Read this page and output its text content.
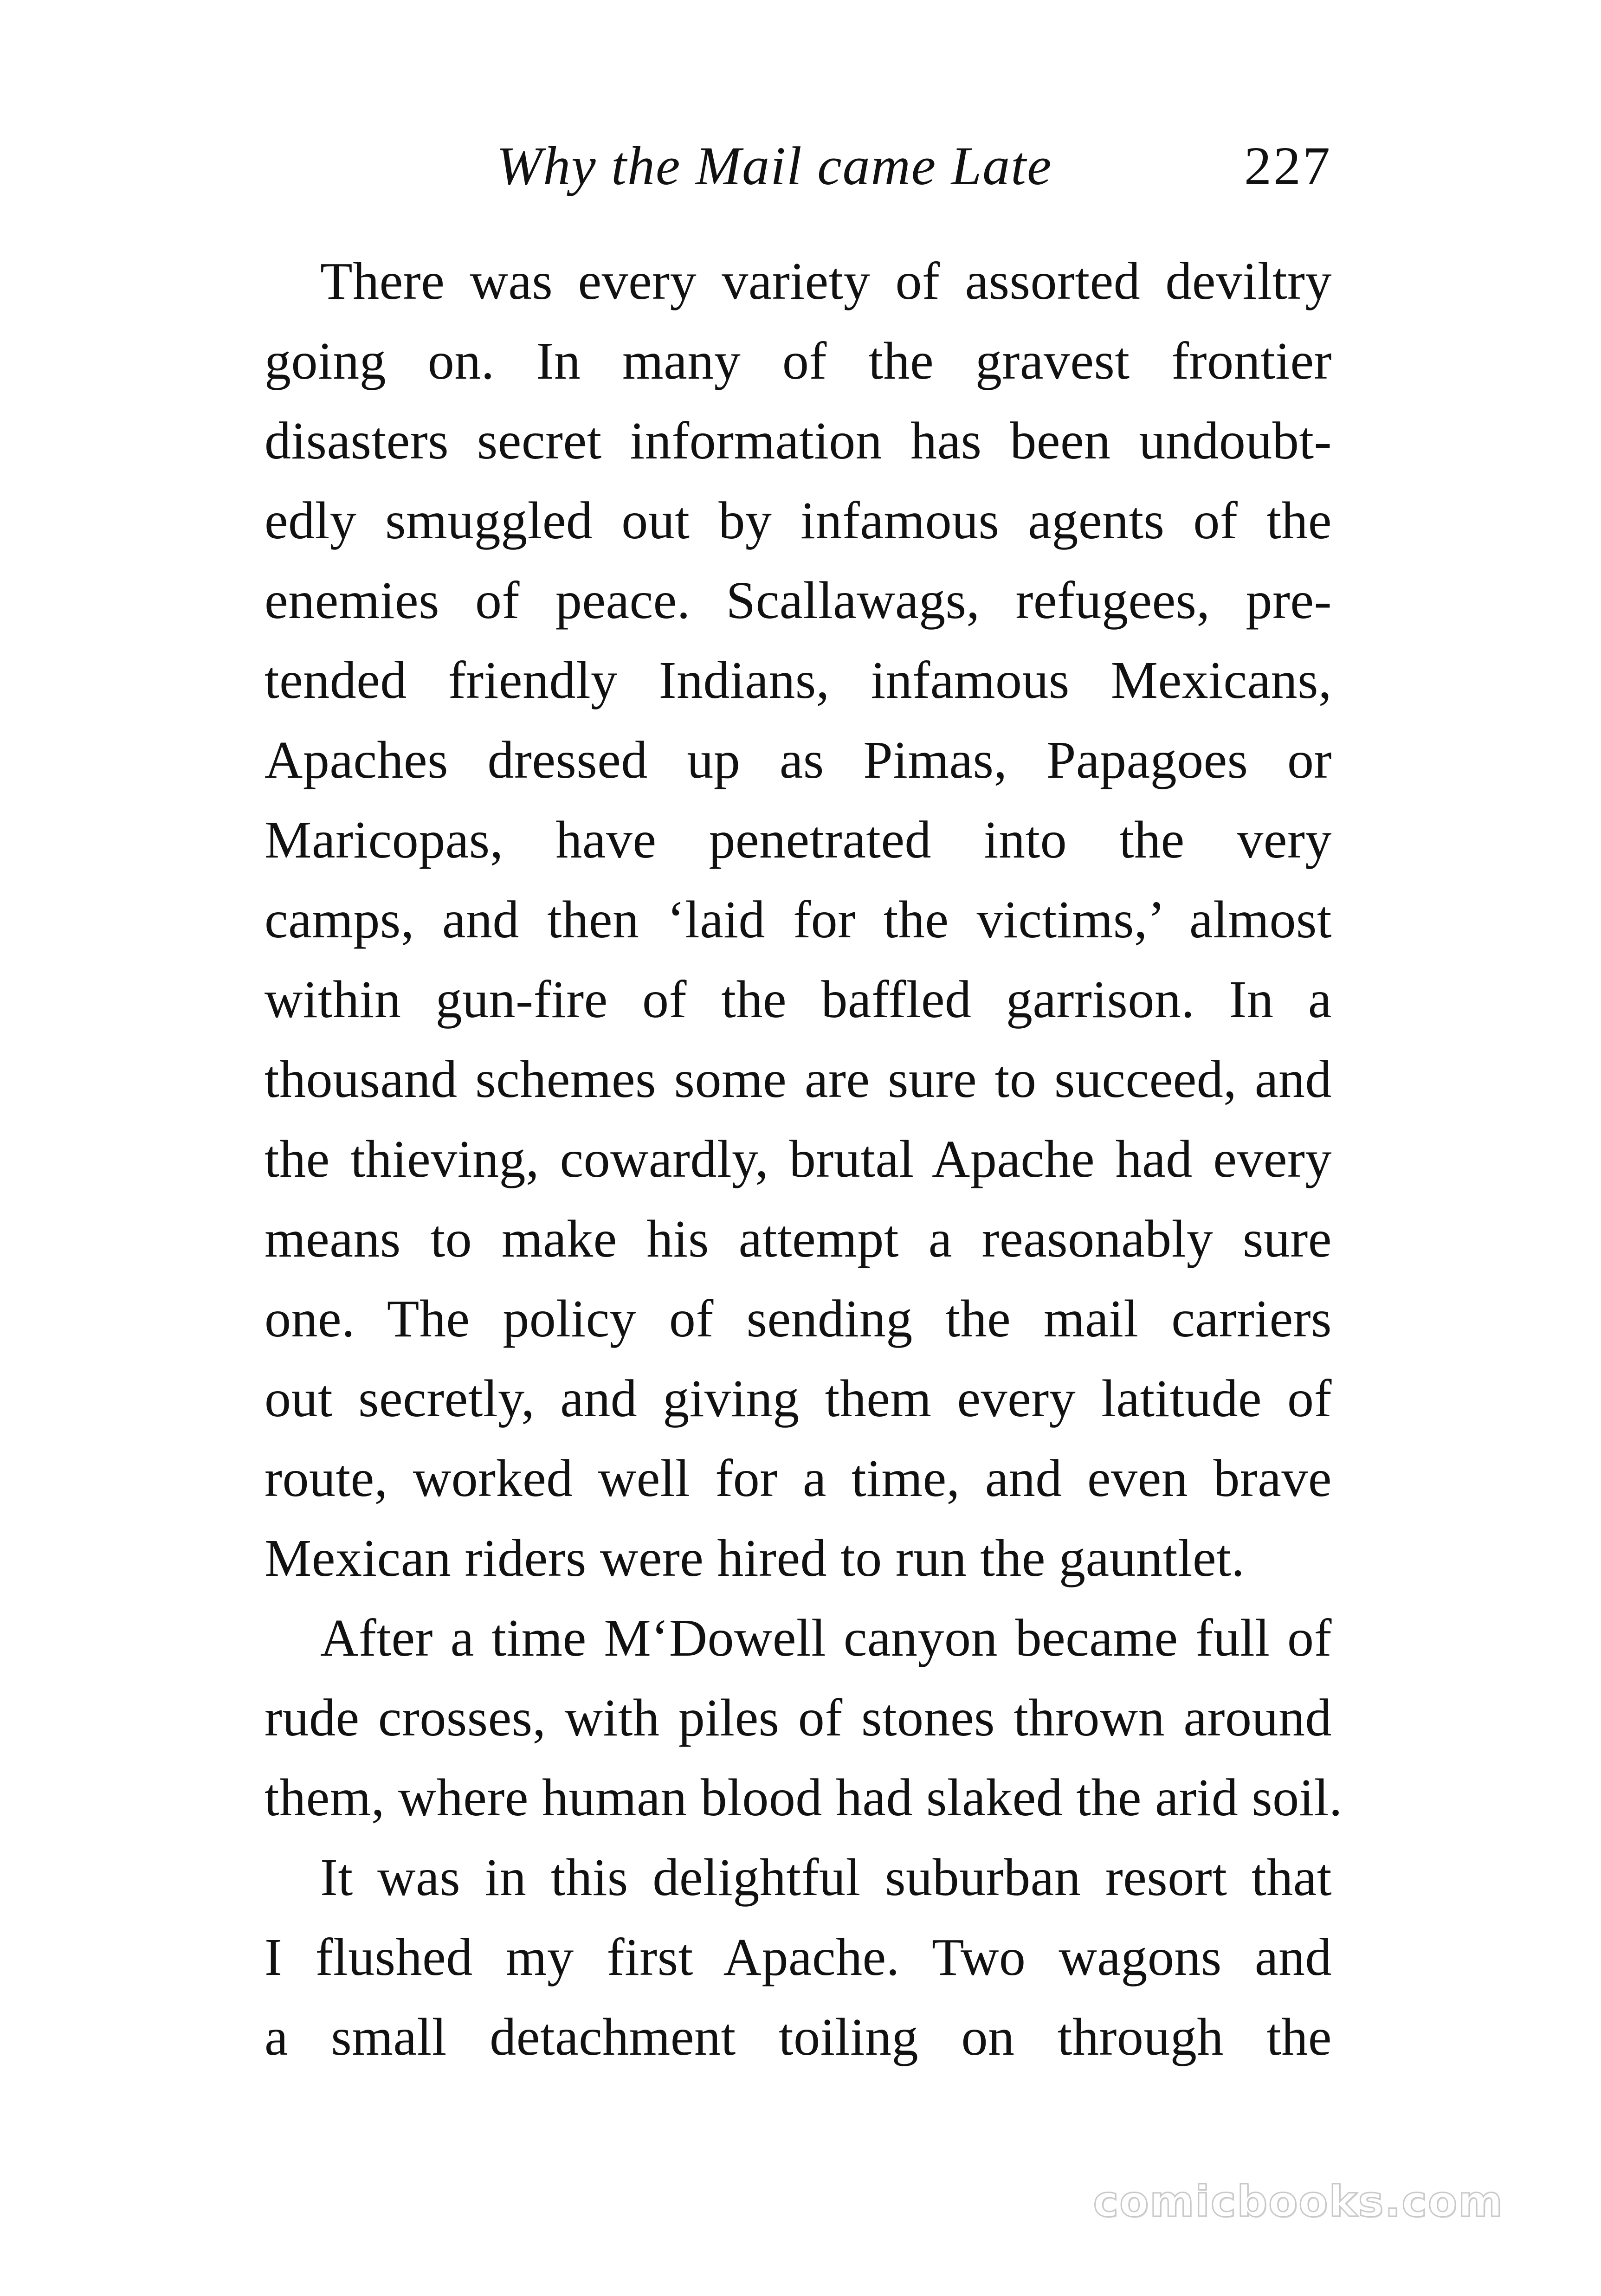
Why the Mail came Late	227
There was every variety of assorted deviltry
going on. In many of the gravest frontier
disasters secret information has been undoubt-
edly smuggled out by infamous agents of the
enemies of peace. Scallawags, refugees, pre-
tended friendly Indians, infamous Mexicans,
Apaches dressed up as Pimas, Papagoes or
Maricopas, have penetrated into the very
camps, and then ‘laid for the victims,’ almost
within gun-fire of the baffled garrison. In a
thousand schemes some are sure to succeed, and
the thieving, cowardly, brutal Apache had every
means to make his attempt a reasonably sure
one. The policy of sending the mail carriers
out secretly, and giving them every latitude of
route, worked well for a time, and even brave
Mexican riders were hired to run the gauntlet.
After a time M‘Dowell canyon became full of
rude crosses, with piles of stones thrown around
them, where human blood had slaked the arid soil.
It was in this delightful suburban resort that
I flushed my first Apache. Two wagons and
a small detachment toiling on through the
comicbooks.com
